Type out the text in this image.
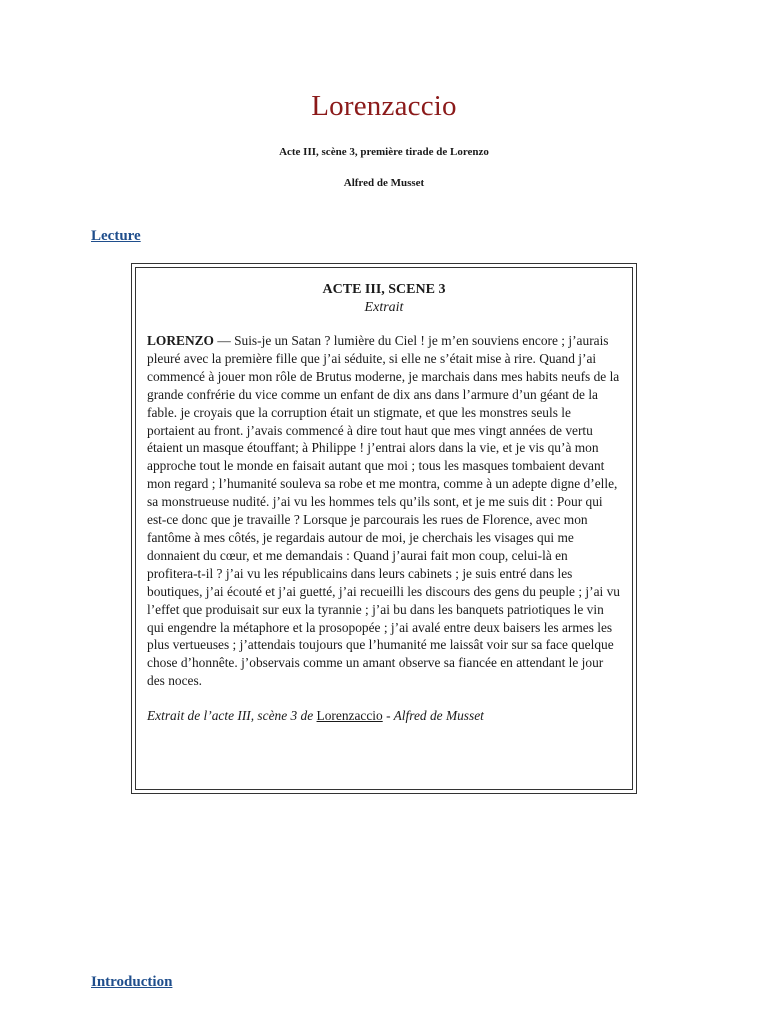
Lorenzaccio

Acte III, scène 3, première tirade de Lorenzo

Alfred de Musset

Lecture

ACTE III, SCENE 3

Extrait

LORENZO — Suis-je un Satan ? lumière du Ciel ! je m’en souviens encore ; j’aurais pleuré avec la première fille que j’ai séduite, si elle ne s’était mise à rire. Quand j’ai commencé à jouer mon rôle de Brutus moderne, je marchais dans mes habits neufs de la grande confrérie du vice comme un enfant de dix ans dans l’armure d’un géant de la fable. je croyais que la corruption était un stigmate, et que les monstres seuls le portaient au front. j’avais commencé à dire tout haut que mes vingt années de vertu étaient un masque étouffant; à Philippe ! j’entrai alors dans la vie, et je vis qu’à mon approche tout le monde en faisait autant que moi ; tous les masques tombaient devant mon regard ; l’humanité souleva sa robe et me montra, comme à un adepte digne d’elle, sa monstrueuse nudité. j’ai vu les hommes tels qu’ils sont, et je me suis dit : Pour qui est-ce donc que je travaille ? Lorsque je parcourais les rues de Florence, avec mon fantôme à mes côtés, je regardais autour de moi, je cherchais les visages qui me donnaient du cœur, et me demandais : Quand j’aurai fait mon coup, celui-là en profitera-t-il ? j’ai vu les républicains dans leurs cabinets ; je suis entré dans les boutiques, j’ai écouté et j’ai guetté, j’ai recueilli les discours des gens du peuple ; j’ai vu l’effet que produisait sur eux la tyrannie ; j’ai bu dans les banquets patriotiques le vin qui engendre la métaphore et la prosopopée ; j’ai avalé entre deux baisers les armes les plus vertueuses ; j’attendais toujours que l’humanité me laissât voir sur sa face quelque chose d’honnête. j’observais comme un amant observe sa fiancée en attendant le jour des noces.

Extrait de l’acte III, scène 3 de Lorenzaccio - Alfred de Musset

Introduction
